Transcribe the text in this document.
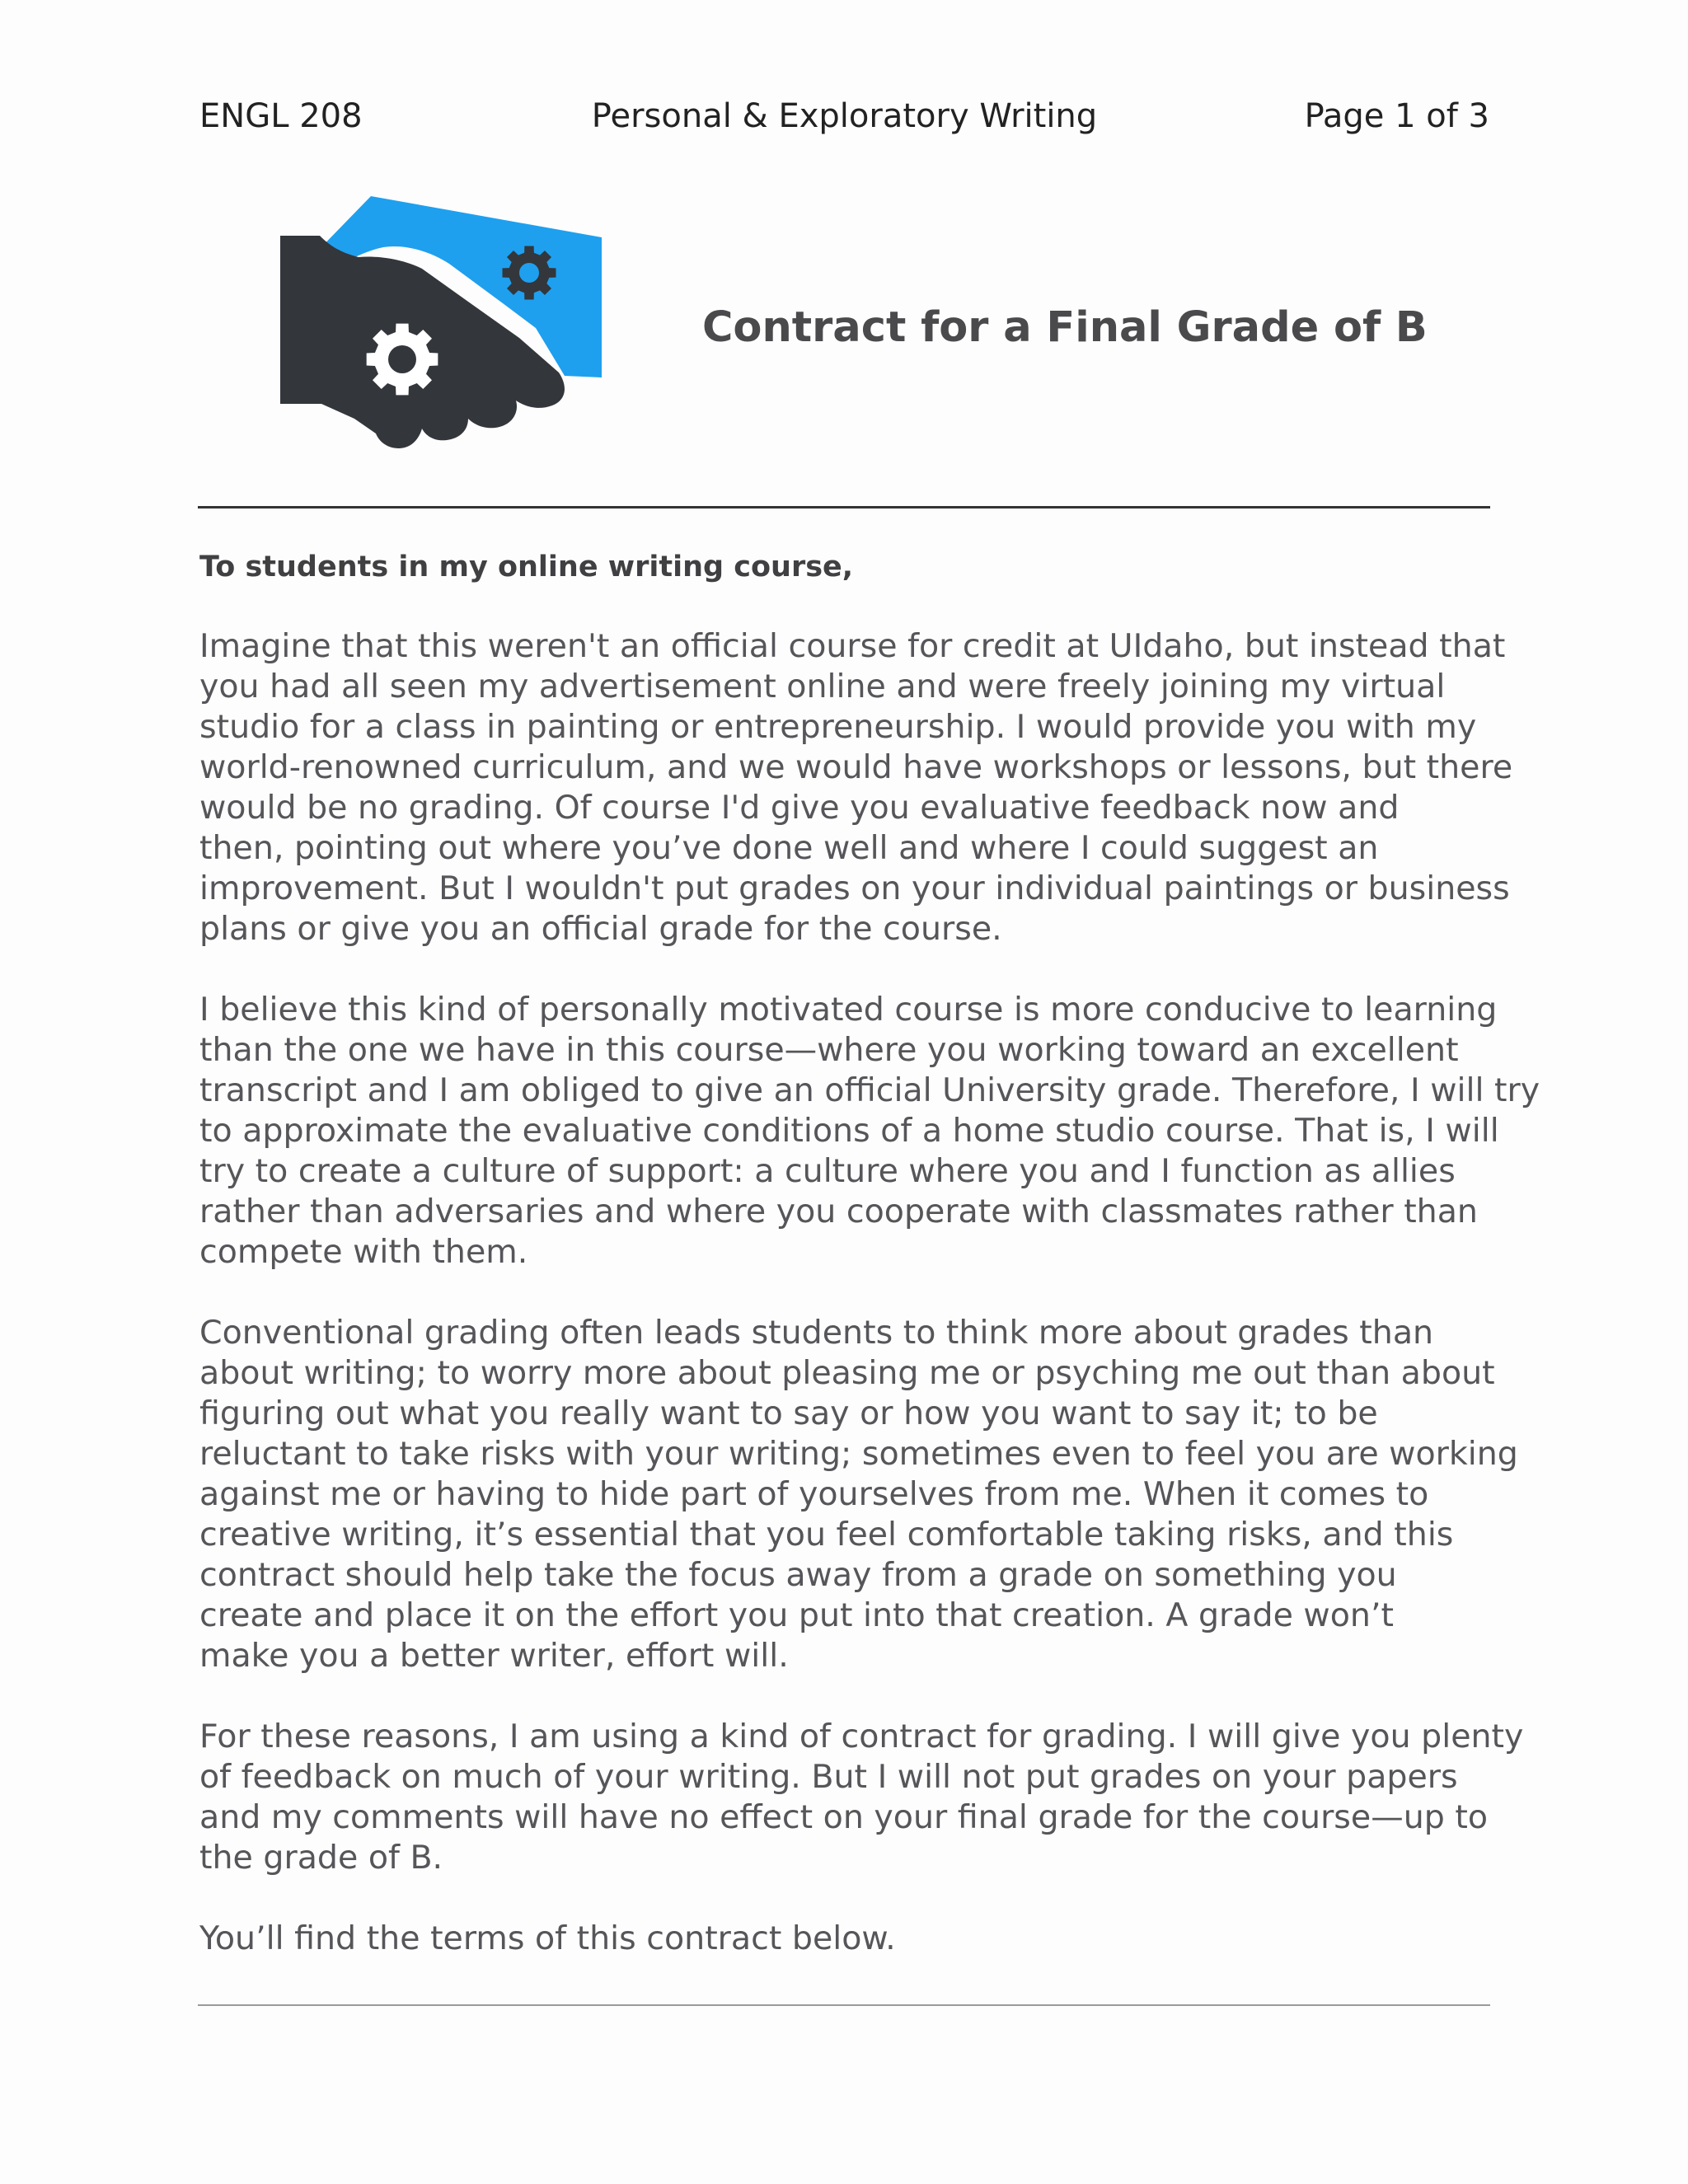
ENGL 208	Personal & Exploratory Writing	Page 1 of 3
Contract for a Final Grade of B
To students in my online writing course,
Imagine that this weren't an official course for credit at UIdaho, but instead that
you had all seen my advertisement online and were freely joining my virtual
studio for a class in painting or entrepreneurship. I would provide you with my
world-renowned curriculum, and we would have workshops or lessons, but there
would be no grading. Of course I'd give you evaluative feedback now and
then, pointing out where you’ve done well and where I could suggest an
improvement. But I wouldn't put grades on your individual paintings or business
plans or give you an official grade for the course.
I believe this kind of personally motivated course is more conducive to learning
than the one we have in this course—where you working toward an excellent
transcript and I am obliged to give an official University grade. Therefore, I will try
to approximate the evaluative conditions of a home studio course. That is, I will
try to create a culture of support: a culture where you and I function as allies
rather than adversaries and where you cooperate with classmates rather than
compete with them.
Conventional grading often leads students to think more about grades than
about writing; to worry more about pleasing me or psyching me out than about
figuring out what you really want to say or how you want to say it; to be
reluctant to take risks with your writing; sometimes even to feel you are working
against me or having to hide part of yourselves from me. When it comes to
creative writing, it’s essential that you feel comfortable taking risks, and this
contract should help take the focus away from a grade on something you
create and place it on the effort you put into that creation. A grade won’t
make you a better writer, effort will.
For these reasons, I am using a kind of contract for grading. I will give you plenty
of feedback on much of your writing. But I will not put grades on your papers
and my comments will have no effect on your final grade for the course—up to
the grade of B.
You’ll find the terms of this contract below.
